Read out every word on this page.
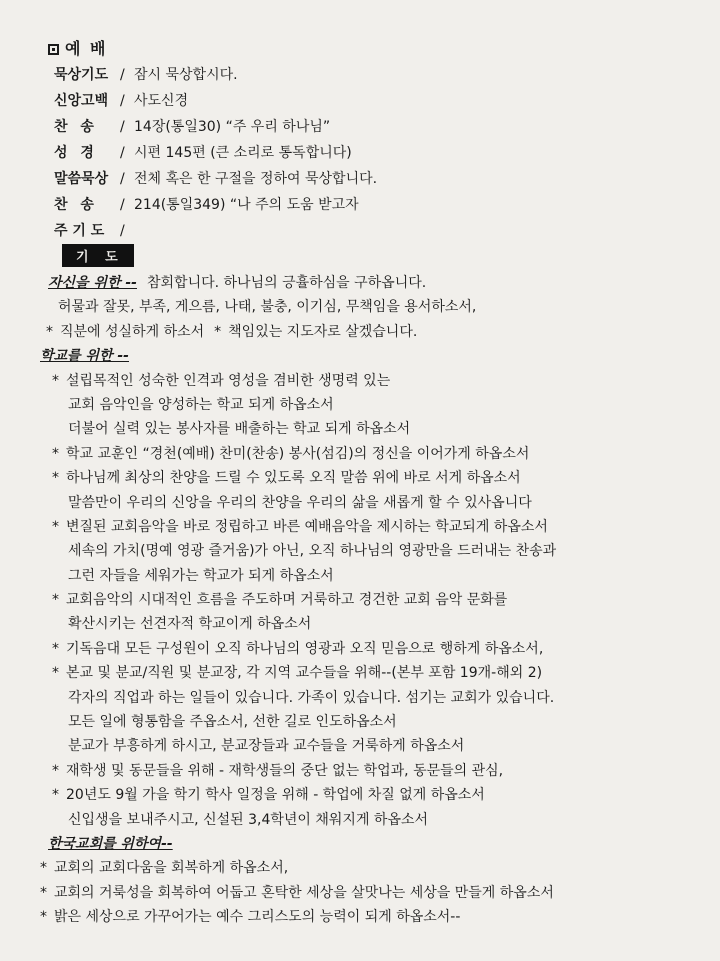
예 배
묵상기도 / 잠시 묵상합시다.
신앙고백 / 사도신경
찬 송	/ 14장(통일30) “주 우리 하나님”
성 경	/ 시편 145편 (큰 소리로 통독합니다)
말씀묵상 / 전체 혹은 한 구절을 정하여 묵상합니다.
찬 송	/ 214(통일349) “나 주의 도움 받고자
주 기 도	/
기 도
자신을 위한 -- 참회합니다. 하나님의 긍휼하심을 구하옵니다.
허물과 잘못, 부족, 게으름, 나태, 불충, 이기심, 무책임을 용서하소서,
* 직분에 성실하게 하소서 * 책임있는 지도자로 살겠습니다.
학교를 위한 --
* 설립목적인 성숙한 인격과 영성을 겸비한 생명력 있는
교회 음악인을 양성하는 학교 되게 하옵소서
더불어 실력 있는 봉사자를 배출하는 학교 되게 하옵소서
* 학교 교훈인 “경천(예배) 찬미(찬송) 봉사(섬김)의 정신을 이어가게 하옵소서
* 하나님께 최상의 찬양을 드릴 수 있도록 오직 말씀 위에 바로 서게 하옵소서
말씀만이 우리의 신앙을 우리의 찬양을 우리의 삶을 새롭게 할 수 있사옵니다
* 변질된 교회음악을 바로 정립하고 바른 예배음악을 제시하는 학교되게 하옵소서
세속의 가치(명예 영광 즐거움)가 아닌, 오직 하나님의 영광만을 드러내는 찬송과
그런 자들을 세워가는 학교가 되게 하옵소서
* 교회음악의 시대적인 흐름을 주도하며 거룩하고 경건한 교회 음악 문화를
확산시키는 선견자적 학교이게 하옵소서
* 기독음대 모든 구성원이 오직 하나님의 영광과 오직 믿음으로 행하게 하옵소서,
* 본교 및 분교/직원 및 분교장, 각 지역 교수들을 위해--(본부 포함 19개-해외 2)
각자의 직업과 하는 일들이 있습니다. 가족이 있습니다. 섬기는 교회가 있습니다.
모든 일에 형통함을 주옵소서, 선한 길로 인도하옵소서
분교가 부흥하게 하시고, 분교장들과 교수들을 거룩하게 하옵소서
* 재학생 및 동문들을 위해 - 재학생들의 중단 없는 학업과, 동문들의 관심,
* 20년도 9월 가을 학기 학사 일정을 위해 - 학업에 차질 없게 하옵소서
신입생을 보내주시고, 신설된 3,4학년이 채워지게 하옵소서
한국교회를 위하여--
* 교회의 교회다움을 회복하게 하옵소서,
* 교회의 거룩성을 회복하여 어둡고 혼탁한 세상을 살맛나는 세상을 만들게 하옵소서
* 밝은 세상으로 가꾸어가는 예수 그리스도의 능력이 되게 하옵소서--
